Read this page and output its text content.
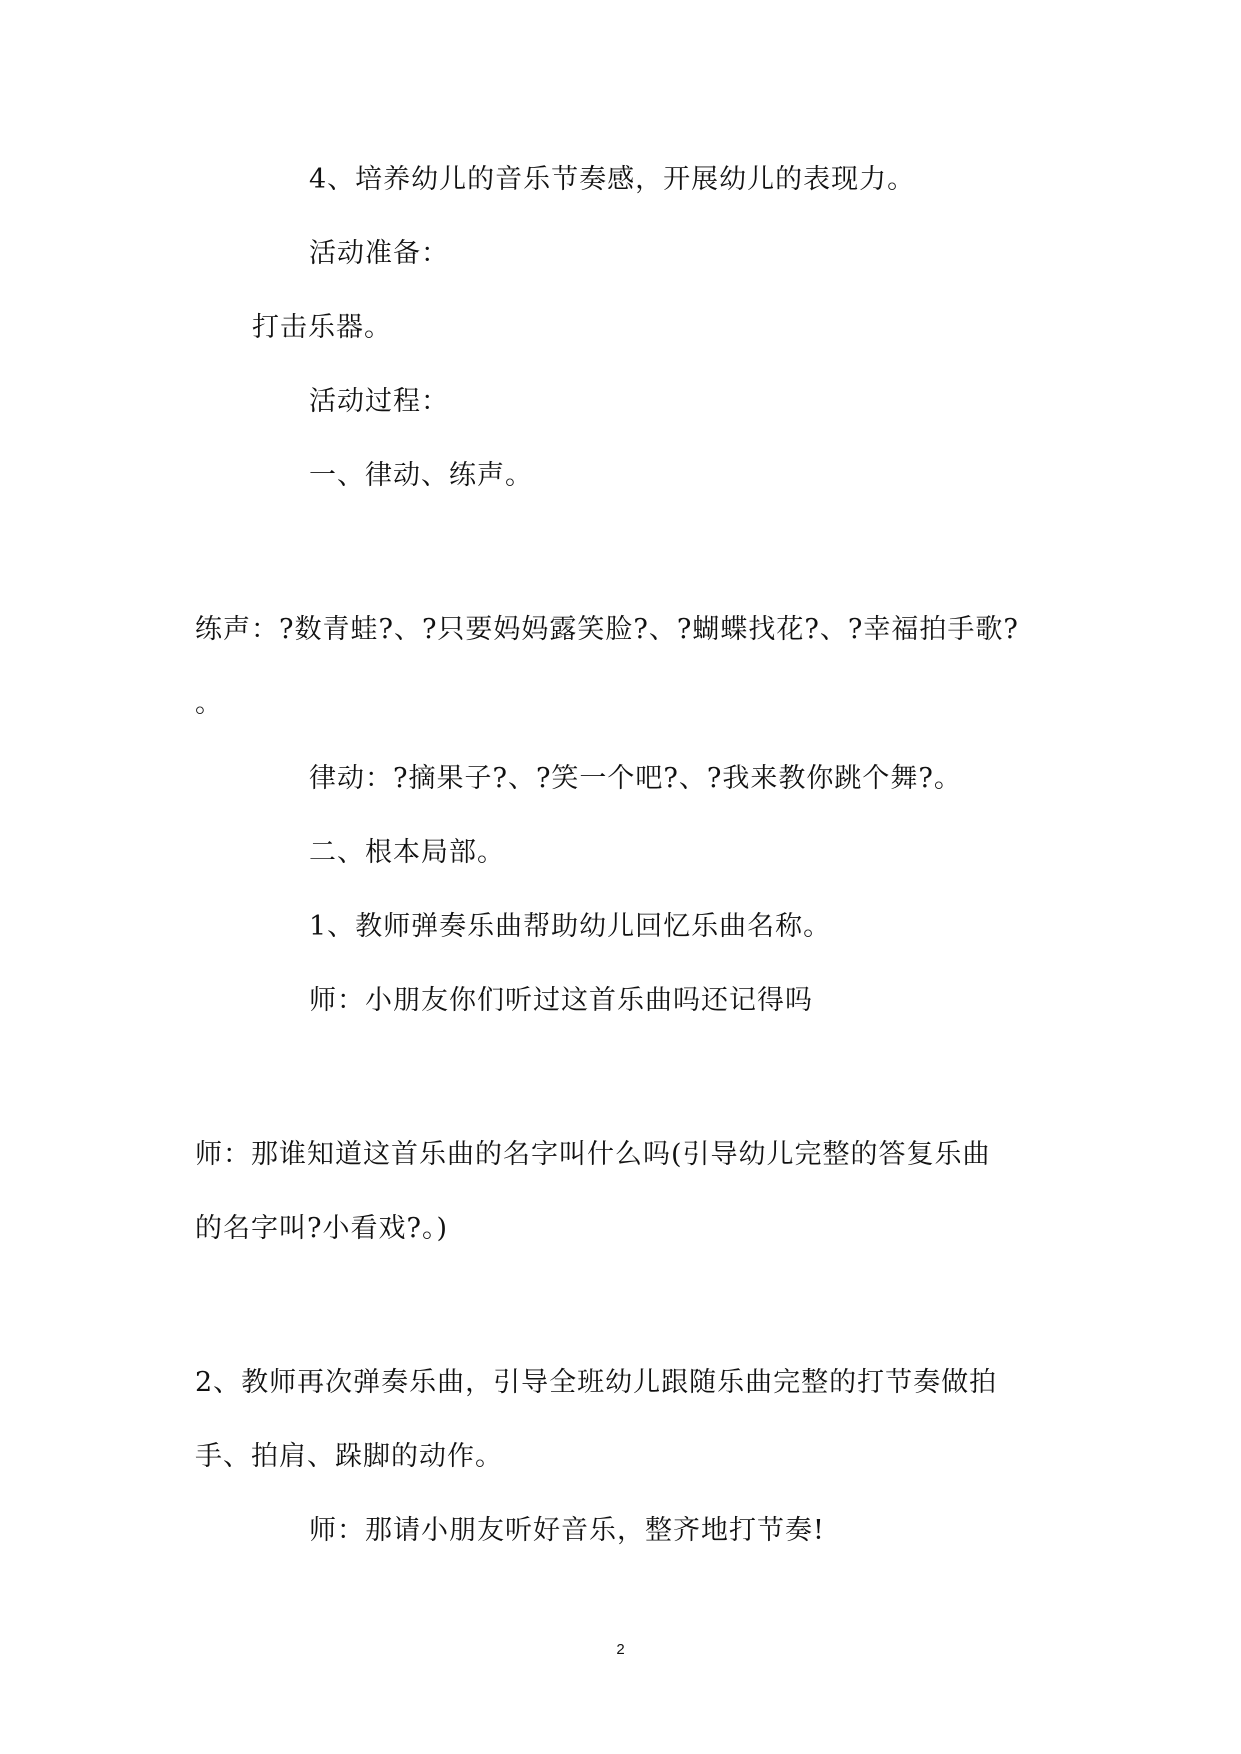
4、培养幼儿的音乐节奏感，开展幼儿的表现力。
活动准备：
打击乐器。
活动过程：
一、律动、练声。
练声：?数青蛙?、?只要妈妈露笑脸?、?蝴蝶找花?、?幸福拍手歌?
。
律动：?摘果子?、?笑一个吧?、?我来教你跳个舞?。
二、根本局部。
1、教师弹奏乐曲帮助幼儿回忆乐曲名称。
师：小朋友你们听过这首乐曲吗还记得吗
师：那谁知道这首乐曲的名字叫什么吗(引导幼儿完整的答复乐曲
的名字叫?小看戏?。)
2、教师再次弹奏乐曲，引导全班幼儿跟随乐曲完整的打节奏做拍
手、拍肩、跺脚的动作。
师：那请小朋友听好音乐，整齐地打节奏!
2
